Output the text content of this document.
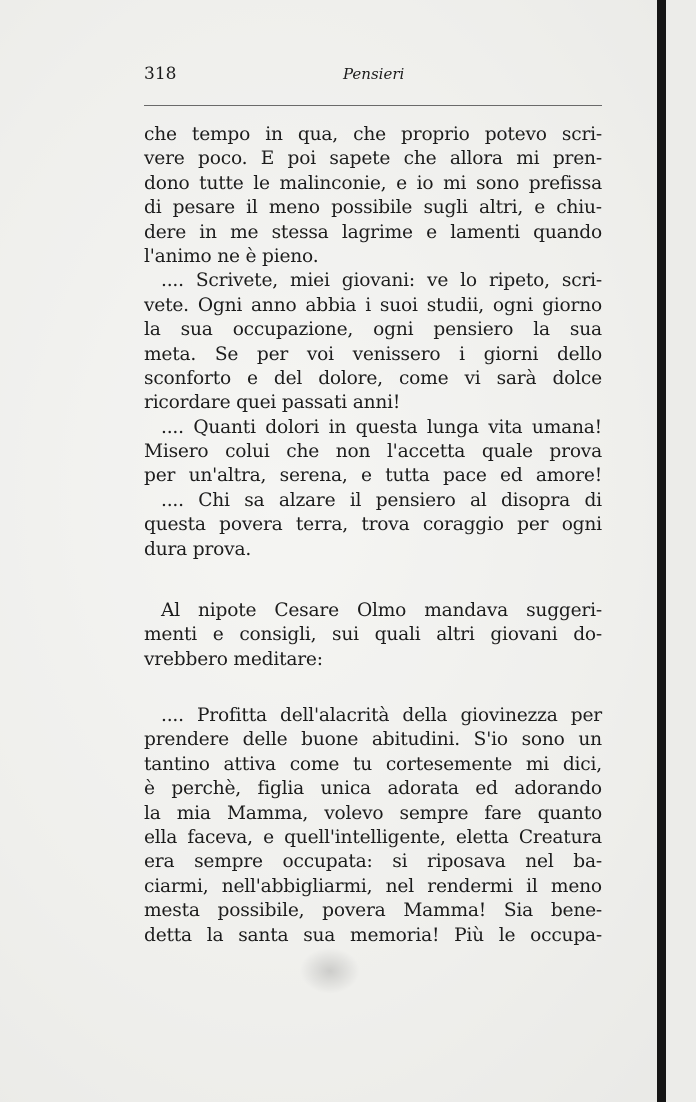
318	Pensieri
che tempo in qua, che proprio potevo scri-
vere poco. E poi sapete che allora mi pren-
dono tutte le malinconie, e io mi sono prefissa
di pesare il meno possibile sugli altri, e chiu-
dere in me stessa lagrime e lamenti quando
l'animo ne è pieno.
.... Scrivete, miei giovani: ve lo ripeto, scri-
vete. Ogni anno abbia i suoi studii, ogni giorno
la sua occupazione, ogni pensiero la sua
meta. Se per voi venissero i giorni dello
sconforto e del dolore, come vi sarà dolce
ricordare quei passati anni!
.... Quanti dolori in questa lunga vita umana!
Misero colui che non l'accetta quale prova
per un'altra, serena, e tutta pace ed amore!
.... Chi sa alzare il pensiero al disopra di
questa povera terra, trova coraggio per ogni
dura prova.
Al nipote Cesare Olmo mandava suggeri-
menti e consigli, sui quali altri giovani do-
vrebbero meditare:
.... Profitta dell'alacrità della giovinezza per
prendere delle buone abitudini. S'io sono un
tantino attiva come tu cortesemente mi dici,
è perchè, figlia unica adorata ed adorando
la mia Mamma, volevo sempre fare quanto
ella faceva, e quell'intelligente, eletta Creatura
era sempre occupata: si riposava nel ba-
ciarmi, nell'abbigliarmi, nel rendermi il meno
mesta possibile, povera Mamma! Sia bene-
detta la santa sua memoria! Più le occupa-
